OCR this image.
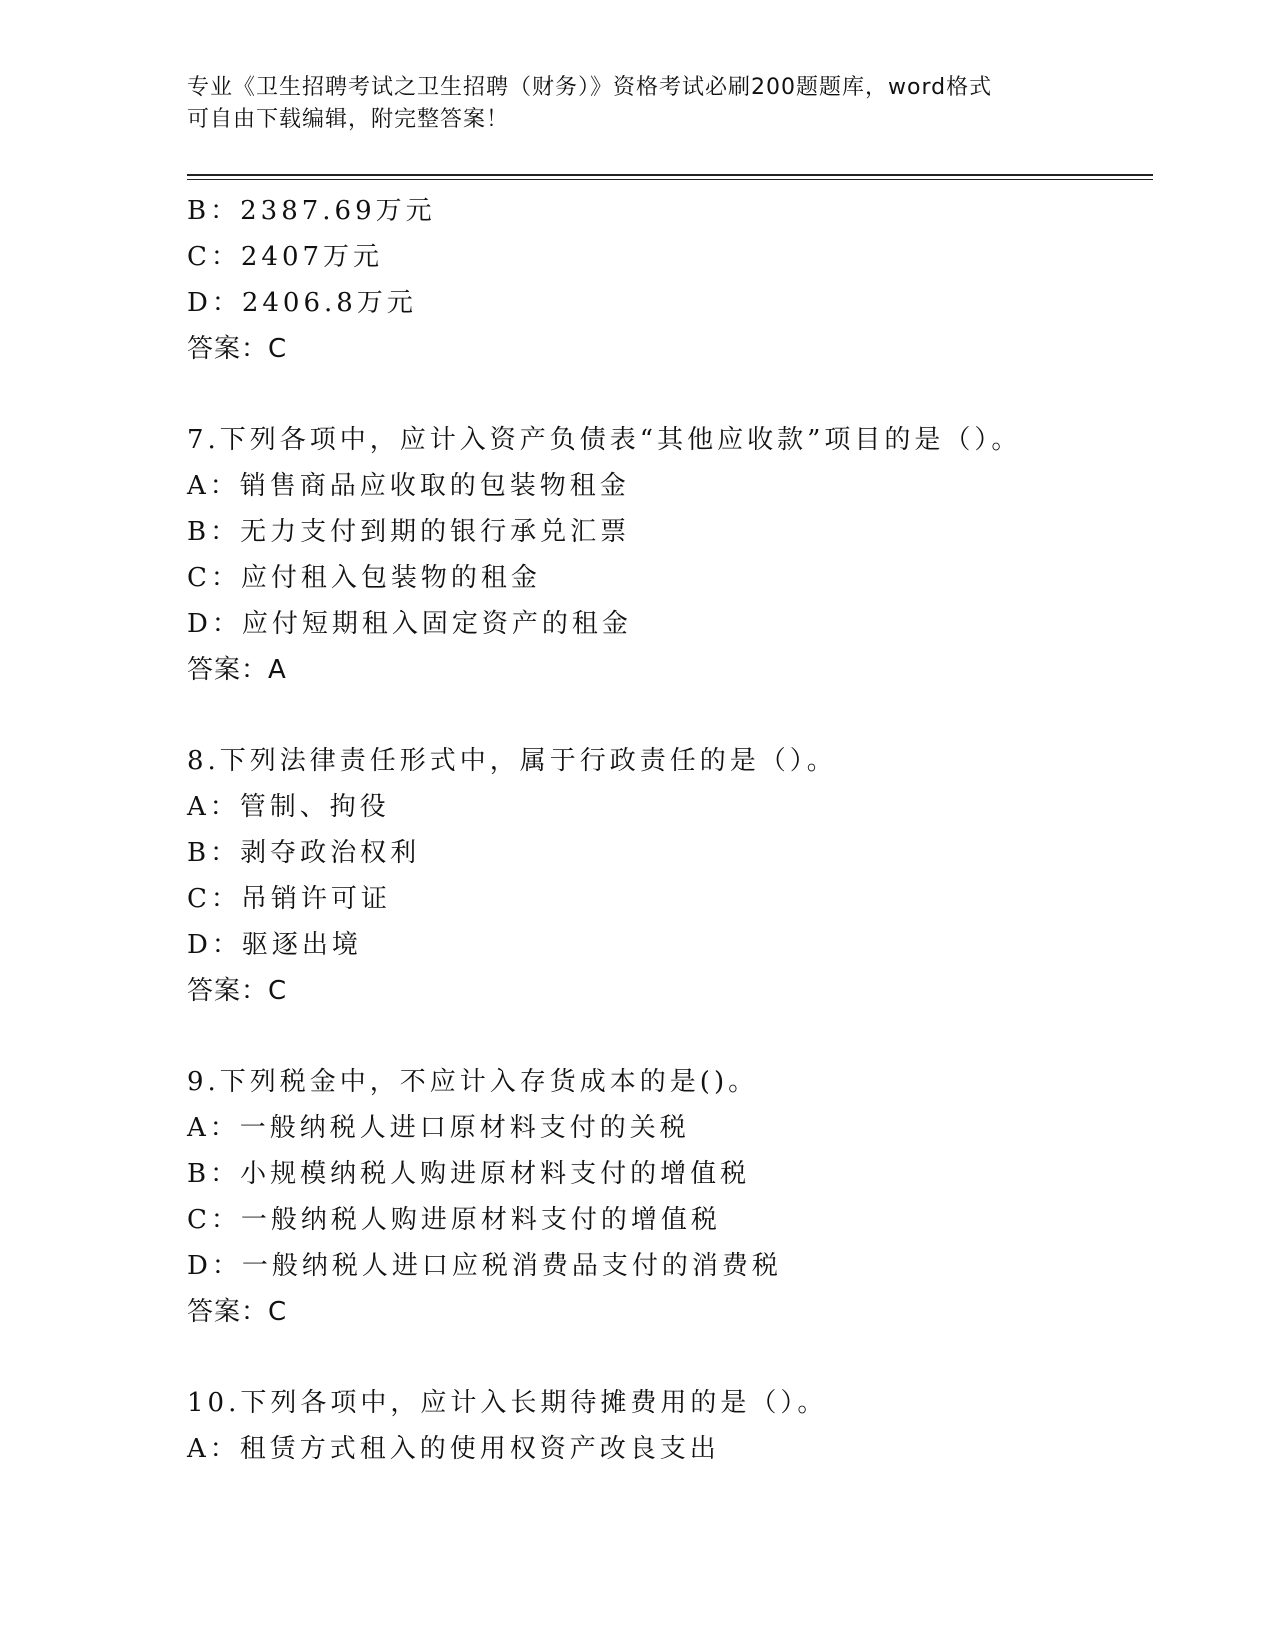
专业《卫生招聘考试之卫生招聘（财务）》资格考试必刷200题题库，word格式
可自由下载编辑，附完整答案！
B：2387.69万元
C：2407万元
D：2406.8万元
答案：C
7.下列各项中，应计入资产负债表“其他应收款”项目的是（）。
A：销售商品应收取的包装物租金
B：无力支付到期的银行承兑汇票
C：应付租入包装物的租金
D：应付短期租入固定资产的租金
答案：A
8.下列法律责任形式中，属于行政责任的是（）。
A：管制、拘役
B：剥夺政治权利
C：吊销许可证
D：驱逐出境
答案：C
9.下列税金中，不应计入存货成本的是()。
A：一般纳税人进口原材料支付的关税
B：小规模纳税人购进原材料支付的增值税
C：一般纳税人购进原材料支付的增值税
D：一般纳税人进口应税消费品支付的消费税
答案：C
10.下列各项中，应计入长期待摊费用的是（）。
A：租赁方式租入的使用权资产改良支出
